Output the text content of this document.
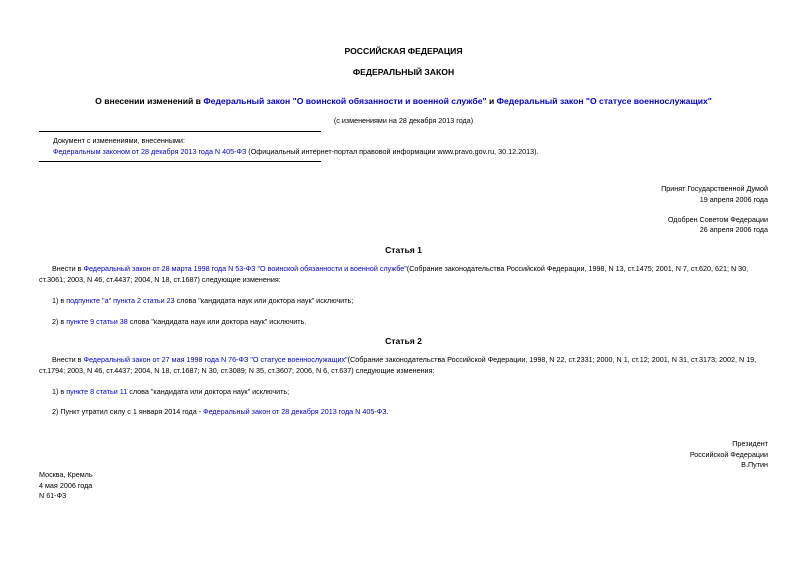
РОССИЙСКАЯ ФЕДЕРАЦИЯ
ФЕДЕРАЛЬНЫЙ ЗАКОН
О внесении изменений в Федеральный закон "О воинской обязанности и военной службе" и Федеральный закон "О статусе военнослужащих"
(с изменениями на 28 декабря 2013 года)
Документ с изменениями, внесенными:
Федеральным законом от 28 декабря 2013 года N 405-ФЗ (Официальный интернет-портал правовой информации www.pravo.gov.ru, 30.12.2013).
Принят Государственной Думой
19 апреля 2006 года
Одобрен Советом Федерации
26 апреля 2006 года
Статья 1
Внести в Федеральный закон от 28 марта 1998 года N 53-ФЗ "О воинской обязанности и военной службе"(Собрание законодательства Российской Федерации, 1998, N 13, ст.1475; 2001, N 7, ст.620, 621; N 30, ст.3061; 2003, N 46, ст.4437; 2004, N 18, ст.1687) следующие изменения:
1) в подпункте "а" пункта 2 статьи 23 слова "кандидата наук или доктора наук" исключить;
2) в пункте 9 статьи 38 слова "кандидата наук или доктора наук" исключить.
Статья 2
Внести в Федеральный закон от 27 мая 1998 года N 76-ФЗ "О статусе военнослужащих"(Собрание законодательства Российской Федерации, 1998, N 22, ст.2331; 2000, N 1, ст.12; 2001, N 31, ст.3173; 2002, N 19, ст.1794; 2003, N 46, ст.4437; 2004, N 18, ст.1687; N 30, ст.3089; N 35, ст.3607; 2006, N 6, ст.637) следующие изменения:
1) в пункте 8 статьи 11 слова "кандидата или доктора наук" исключить;
2) Пункт утратил силу с 1 января 2014 года - Федеральный закон от 28 декабря 2013 года N 405-ФЗ.
Президент
Российской Федерации
В.Путин
Москва, Кремль
4 мая 2006 года
N 61-ФЗ
